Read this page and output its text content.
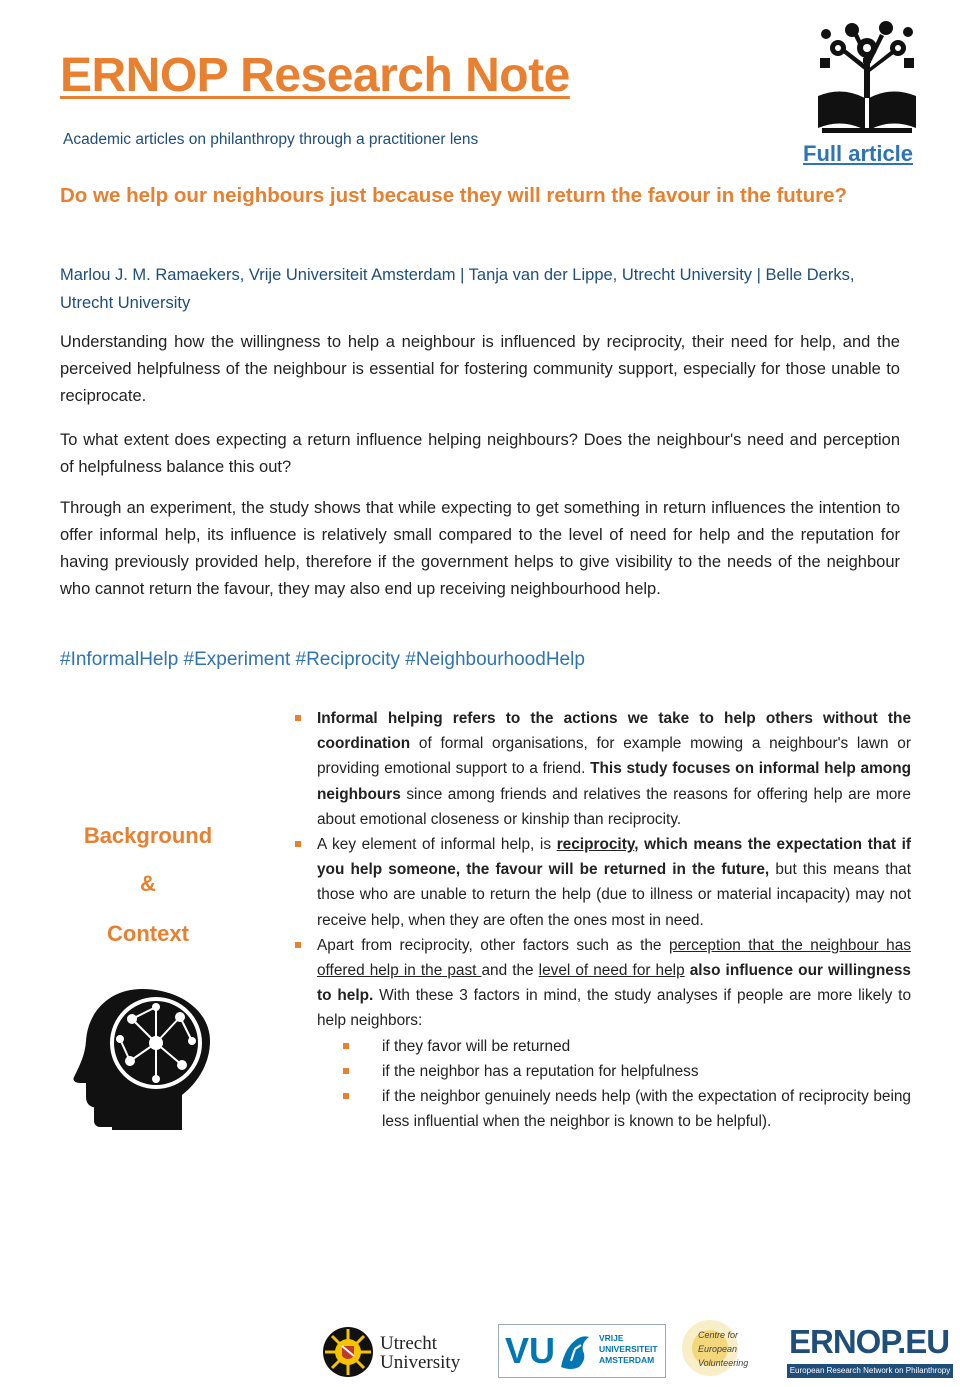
ERNOP Research Note
Academic articles on philanthropy through a practitioner lens
Full article
Do we help our neighbours just because they will return the favour in the future?
Marlou J. M. Ramaekers, Vrije Universiteit Amsterdam | Tanja van der Lippe, Utrecht University | Belle Derks, Utrecht University
Understanding how the willingness to help a neighbour is influenced by reciprocity, their need for help, and the perceived helpfulness of the neighbour is essential for fostering community support, especially for those unable to reciprocate.
To what extent does expecting a return influence helping neighbours? Does the neighbour's need and perception of helpfulness balance this out?
Through an experiment, the study shows that while expecting to get something in return influences the intention to offer informal help, its influence is relatively small compared to the level of need for help and the reputation for having previously provided help, therefore if the government helps to give visibility to the needs of the neighbour who cannot return the favour, they may also end up receiving neighbourhood help.
#InformalHelp #Experiment #Reciprocity #NeighbourhoodHelp
Background
&
Context
Informal helping refers to the actions we take to help others without the coordination of formal organisations, for example mowing a neighbour's lawn or providing emotional support to a friend. This study focuses on informal help among neighbours since among friends and relatives the reasons for offering help are more about emotional closeness or kinship than reciprocity.
A key element of informal help, is reciprocity, which means the expectation that if you help someone, the favour will be returned in the future, but this means that those who are unable to return the help (due to illness or material incapacity) may not receive help, when they are often the ones most in need.
Apart from reciprocity, other factors such as the perception that the neighbour has offered help in the past and the level of need for help also influence our willingness to help. With these 3 factors in mind, the study analyses if people are more likely to help neighbors:
if they favor will be returned
if the neighbor has a reputation for helpfulness
if the neighbor genuinely needs help (with the expectation of reciprocity being less influential when the neighbor is known to be helpful).
Utrecht
University VU	VRIJE
UNIVERSITEIT
AMSTERDAM
Centre for
European
Volunteering
ERNOP.EU
European Research Network on Philanthropy
